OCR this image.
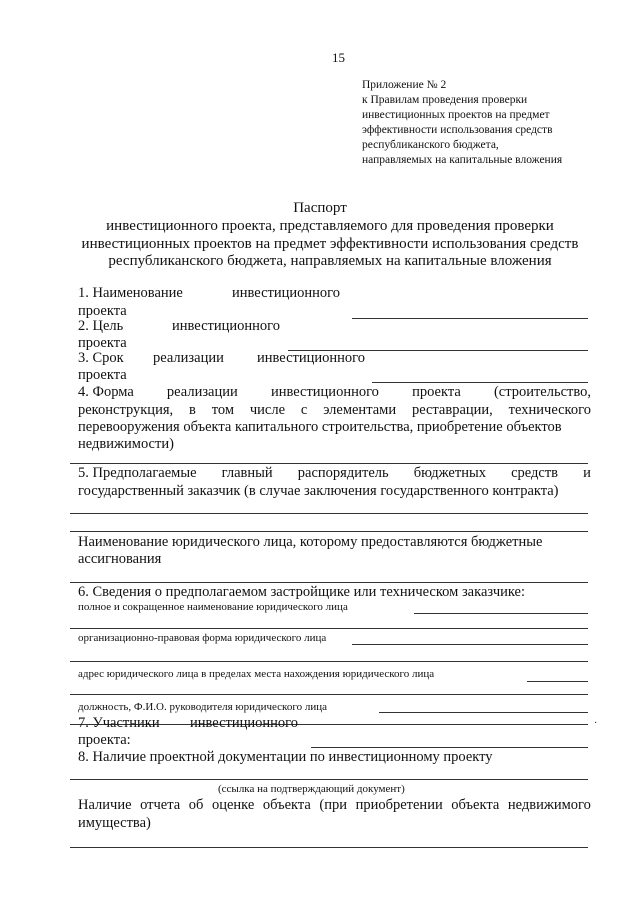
15
Приложение № 2
к Правилам проведения проверки
инвестиционных проектов на предмет
эффективности использования средств
республиканского бюджета,
направляемых на капитальные вложения
Паспорт
инвестиционного проекта, представляемого для проведения проверки
инвестиционных проектов на предмет эффективности использования средств
республиканского бюджета, направляемых на капитальные вложения
1. Наименование	инвестиционного
проекта
2. Цель	инвестиционного
проекта
3. Срок реализации инвестиционного
проекта
4. Форма реализации инвестиционного проекта (строительство,
реконструкция, в том числе с элементами реставрации, технического
перевооружения объекта капитального строительства, приобретение объектов
недвижимости)
5. Предполагаемые главный распорядитель бюджетных средств и
государственный заказчик (в случае заключения государственного контракта)
Наименование юридического лица, которому предоставляются бюджетные
ассигнования
6. Сведения о предполагаемом застройщике или техническом заказчике:
полное и сокращенное наименование юридического лица
организационно-правовая форма юридического лица
адрес юридического лица в пределах места нахождения юридического лица
должность, Ф.И.О. руководителя юридического лица
7. Участники инвестиционного
проекта:
8. Наличие проектной документации по инвестиционному проекту
(ссылка на подтверждающий документ)
Наличие отчета об оценке объекта (при приобретении объекта недвижимого
имущества)
·
